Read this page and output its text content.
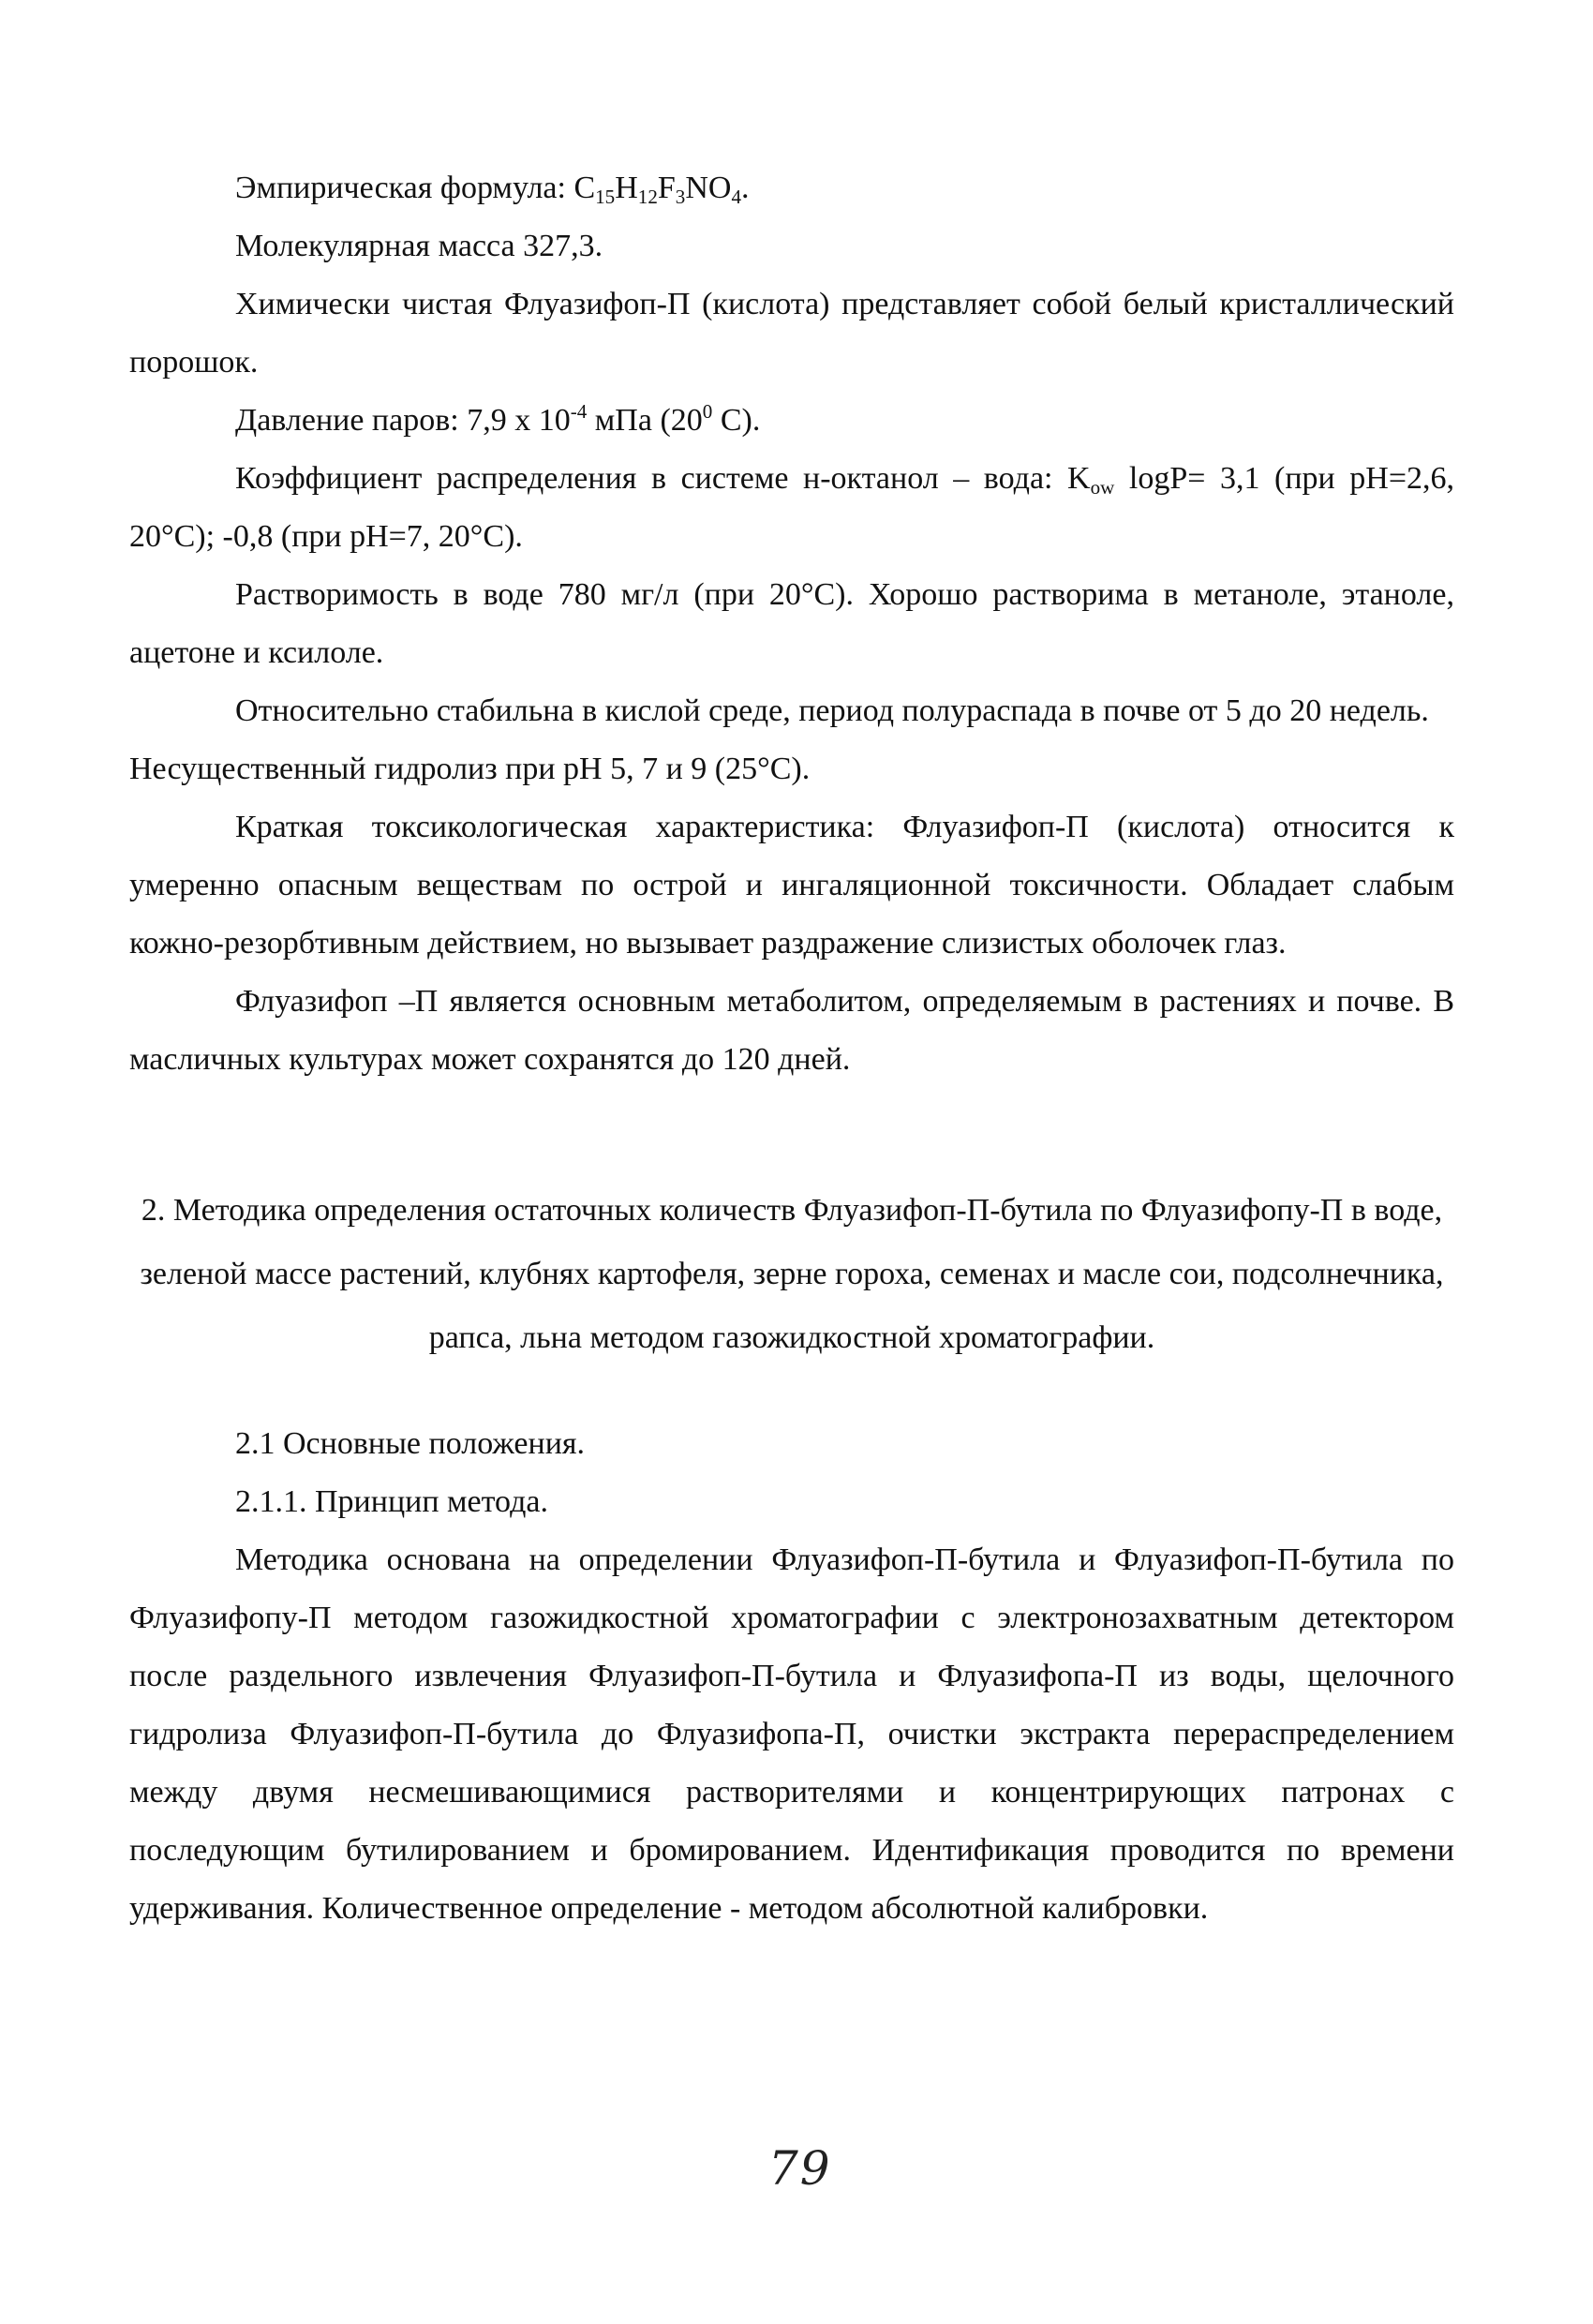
Эмпирическая формула: $C_{15}H_{12}F_3NO_4$.

Молекулярная масса 327,3.

Химически чистая Флуазифоп-П (кислота) представляет собой белый кристаллический порошок.

Давление паров: 7,9 x $10^{-4}$ мПа ($20^0$ С).

Коэффициент распределения в системе н-октанол – вода: $K_{ow}$ logP= 3,1 (при рН=2,6, 20°С); -0,8 (при рН=7, 20°С).

Растворимость в воде 780 мг/л (при 20°С). Хорошо растворима в метаноле, этаноле, ацетоне и ксилоле.

Относительно стабильна в кислой среде, период полураспада в почве от 5 до 20 недель.

Несущественный гидролиз при рН 5, 7 и 9 (25°С).

Краткая токсикологическая характеристика: Флуазифоп-П (кислота) относится к умеренно опасным веществам по острой и ингаляционной токсичности. Обладает слабым кожно-резорбтивным действием, но вызывает раздражение слизистых оболочек глаз.

Флуазифоп –П является основным метаболитом, определяемым в растениях и почве. В масличных культурах может сохранятся до 120 дней.

2. Методика определения остаточных количеств Флуазифоп-П-бутила по Флуазифопу-П в воде, зеленой массе растений, клубнях картофеля, зерне гороха, семенах и масле сои, подсолнечника, рапса, льна методом газожидкостной хроматографии.

2.1 Основные положения.

2.1.1. Принцип метода.

Методика основана на определении Флуазифоп-П-бутила и Флуазифоп-П-бутила по Флуазифопу-П методом газожидкостной хроматографии с электронозахватным детектором после раздельного извлечения Флуазифоп-П-бутила и Флуазифопа-П из воды, щелочного гидролиза Флуазифоп-П-бутила до Флуазифопа-П, очистки экстракта перераспределением между двумя несмешивающимися растворителями и концентрирующих патронах с последующим бутилированием и бромированием. Идентификация проводится по времени удерживания. Количественное определение - методом абсолютной калибровки.

79
